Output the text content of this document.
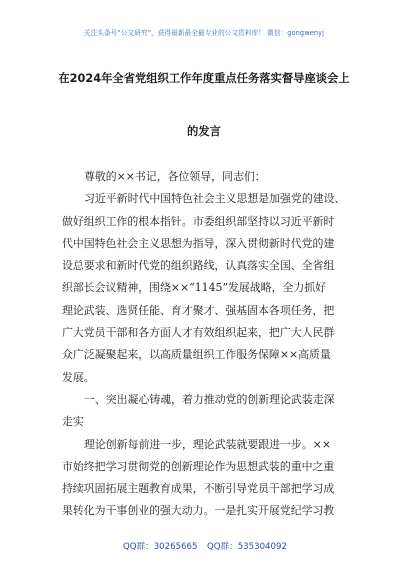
关注头条号“公文研究”，获得最新最全最专业的公文资料库！ 微信：gongwenyj
在2024年全省党组织工作年度重点任务落实督导座谈会上
的发言
尊敬的××书记，各位领导，同志们：
习近平新时代中国特色社会主义思想是加强党的建设、
做好组织工作的根本指针。市委组织部坚持以习近平新时
代中国特色社会主义思想为指导，深入贯彻新时代党的建
设总要求和新时代党的组织路线，认真落实全国、全省组
织部长会议精神，围绕××“1145”发展战略，全力抓好
理论武装、选贤任能、育才聚才、强基固本各项任务，把
广大党员干部和各方面人才有效组织起来，把广大人民群
众广泛凝聚起来，以高质量组织工作服务保障××高质量
发展。
一、突出凝心铸魂，着力推动党的创新理论武装走深
走实
理论创新每前进一步，理论武装就要跟进一步。××
市始终把学习贯彻党的创新理论作为思想武装的重中之重
持续巩固拓展主题教育成果，不断引导党员干部把学习成
果转化为干事创业的强大动力。一是扎实开展党纪学习教
QQ群：30265665 QQ群：535304092
